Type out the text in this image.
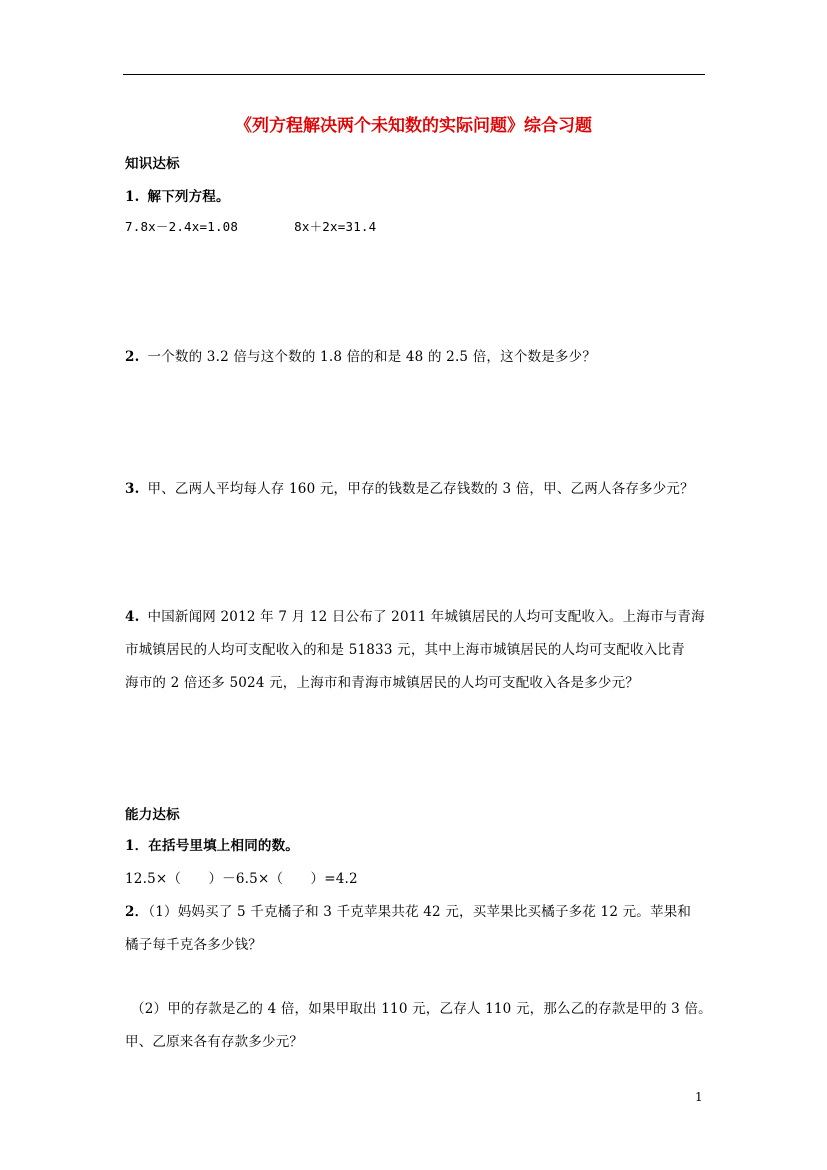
《列方程解决两个未知数的实际问题》综合习题
知识达标
1. 解下列方程。
7.8x－2.4x=1.08	8x＋2x=31.4
2. 一个数的 3.2 倍与这个数的 1.8 倍的和是 48 的 2.5 倍，这个数是多少？
3. 甲、乙两人平均每人存 160 元，甲存的钱数是乙存钱数的 3 倍，甲、乙两人各存多少元？
4. 中国新闻网 2012 年 7 月 12 日公布了 2011 年城镇居民的人均可支配收入。上海市与青海
市城镇居民的人均可支配收入的和是 51833 元，其中上海市城镇居民的人均可支配收入比青
海市的 2 倍还多 5024 元，上海市和青海市城镇居民的人均可支配收入各是多少元？
能力达标
1．在括号里填上相同的数。
12.5×（　　）－6.5×（　　）=4.2
2．（1）妈妈买了 5 千克橘子和 3 千克苹果共花 42 元，买苹果比买橘子多花 12 元。苹果和
橘子每千克各多少钱？
（2）甲的存款是乙的 4 倍，如果甲取出 110 元，乙存人 110 元，那么乙的存款是甲的 3 倍。
甲、乙原来各有存款多少元？
1
